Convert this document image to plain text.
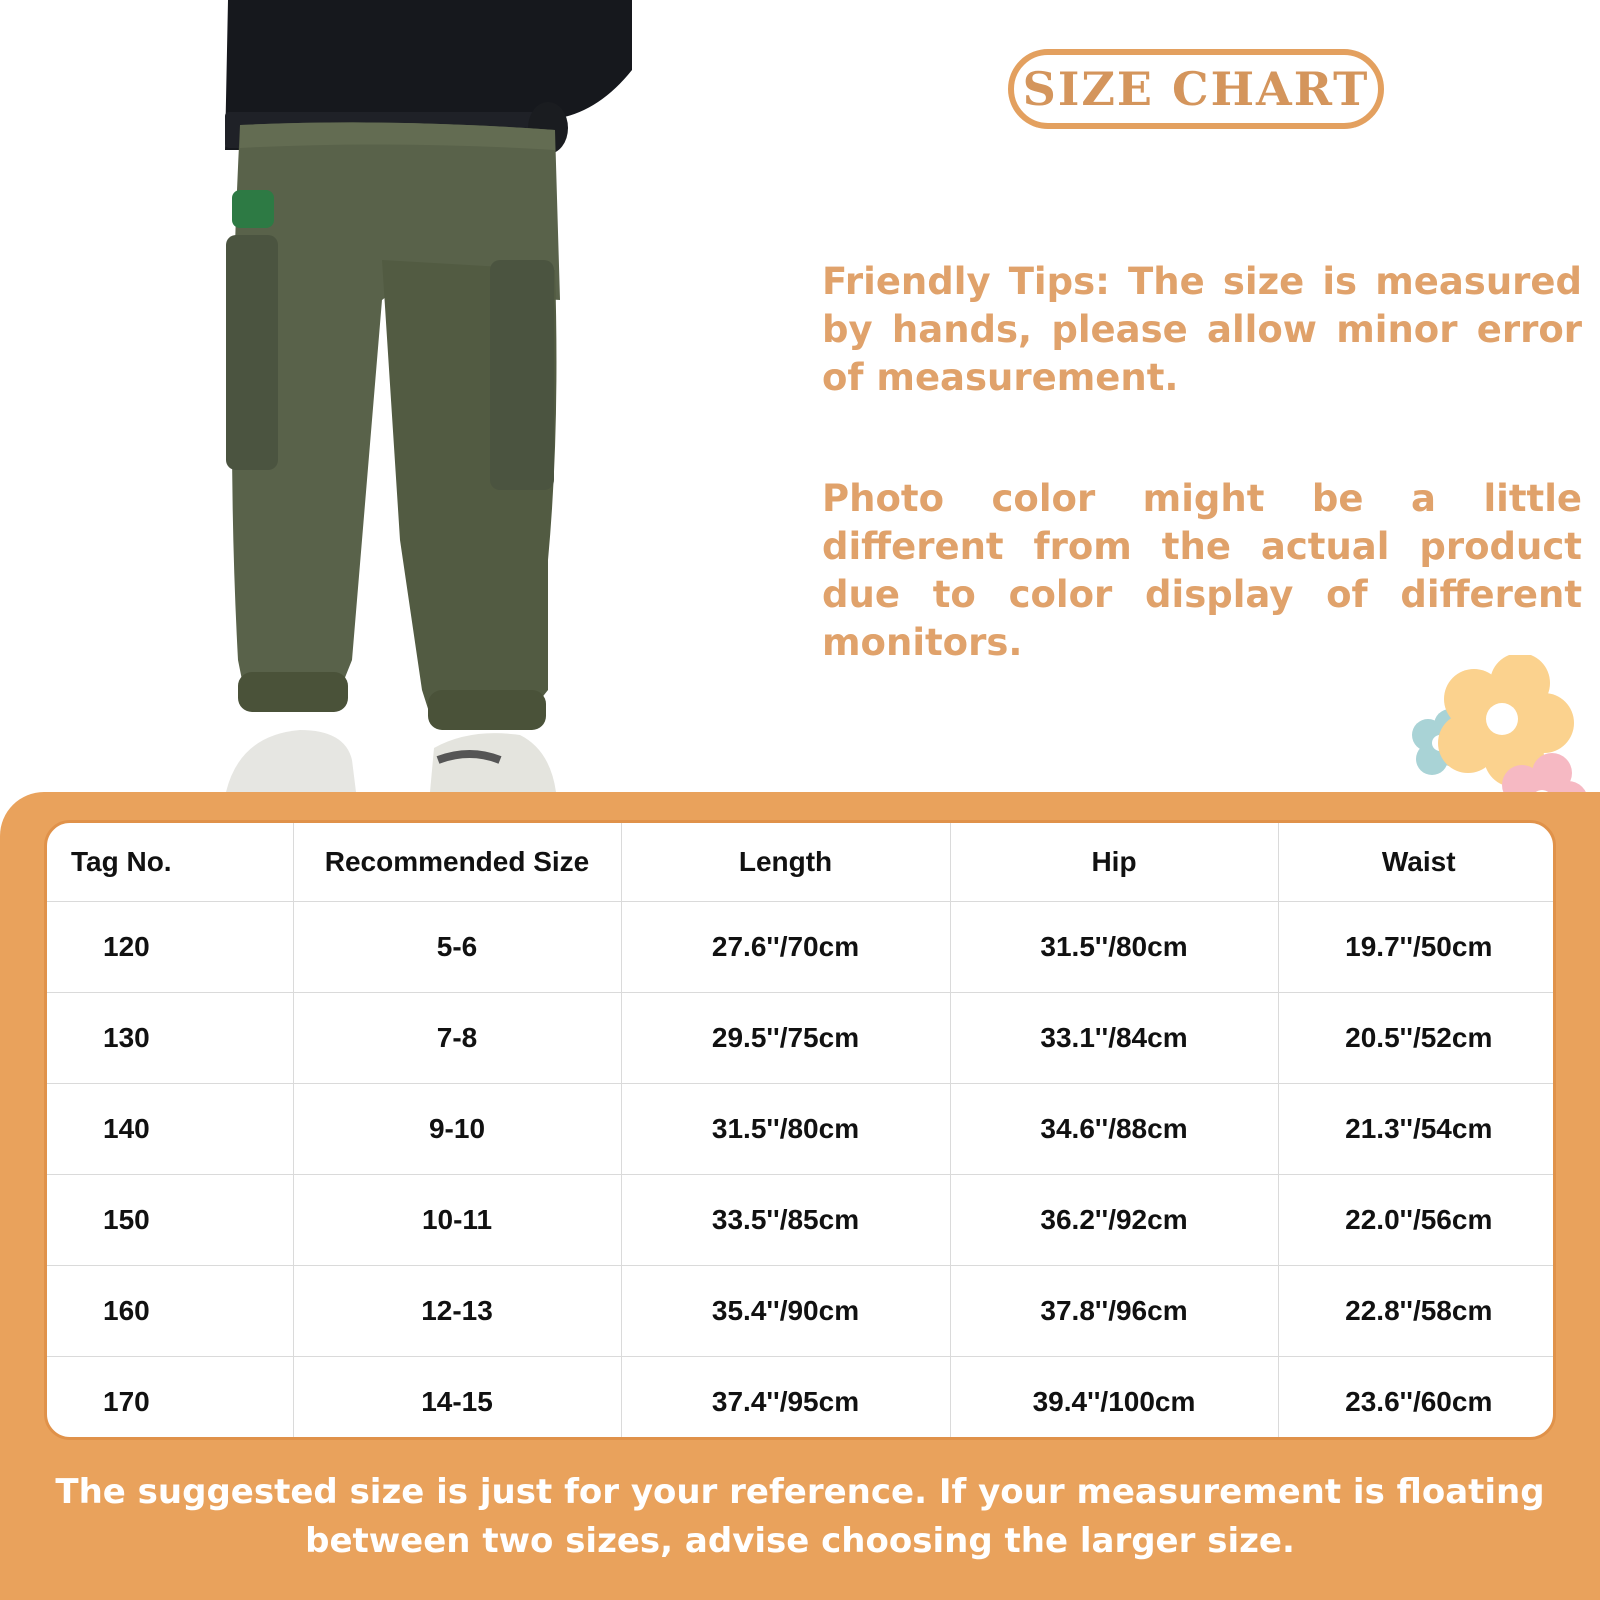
SIZE CHART
Friendly Tips: The size is measured by hands, please allow minor error of measurement.
Photo color might be a little different from the actual product due to color display of different monitors.
Tag No.	Recommended Size	Length	Hip	Waist
120	5-6	27.6''/70cm	31.5''/80cm	19.7''/50cm
130	7-8	29.5''/75cm	33.1''/84cm	20.5''/52cm
140	9-10	31.5''/80cm	34.6''/88cm	21.3''/54cm
150	10-11	33.5''/85cm	36.2''/92cm	22.0''/56cm
160	12-13	35.4''/90cm	37.8''/96cm	22.8''/58cm
170	14-15	37.4''/95cm	39.4''/100cm	23.6''/60cm
The suggested size is just for your reference. If your measurement is floating between two sizes, advise choosing the larger size.
